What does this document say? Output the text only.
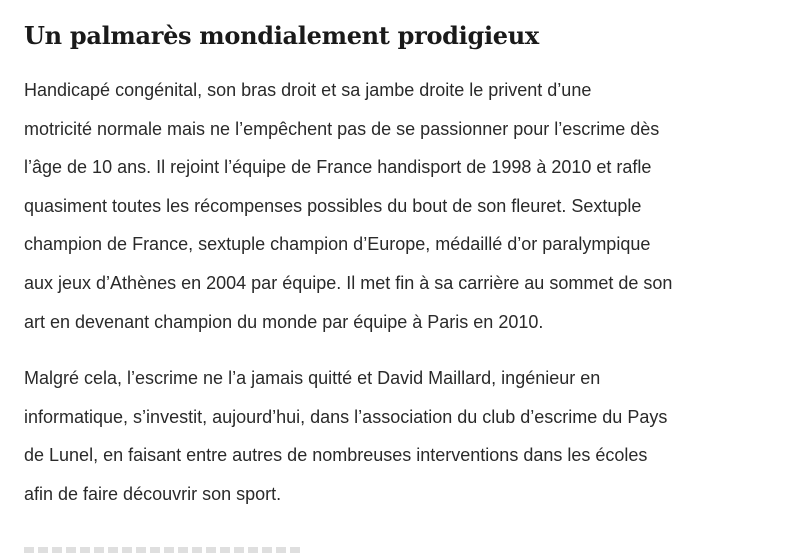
Un palmarès mondialement prodigieux

Handicapé congénital, son bras droit et sa jambe droite le privent d’une
motricité normale mais ne l’empêchent pas de se passionner pour l’escrime dès
l’âge de 10 ans. Il rejoint l’équipe de France handisport de 1998 à 2010 et rafle
quasiment toutes les récompenses possibles du bout de son fleuret. Sextuple
champion de France, sextuple champion d’Europe, médaillé d’or paralympique
aux jeux d’Athènes en 2004 par équipe. Il met fin à sa carrière au sommet de son
art en devenant champion du monde par équipe à Paris en 2010.

Malgré cela, l’escrime ne l’a jamais quitté et David Maillard, ingénieur en
informatique, s’investit, aujourd’hui, dans l’association du club d’escrime du Pays
de Lunel, en faisant entre autres de nombreuses interventions dans les écoles
afin de faire découvrir son sport.
